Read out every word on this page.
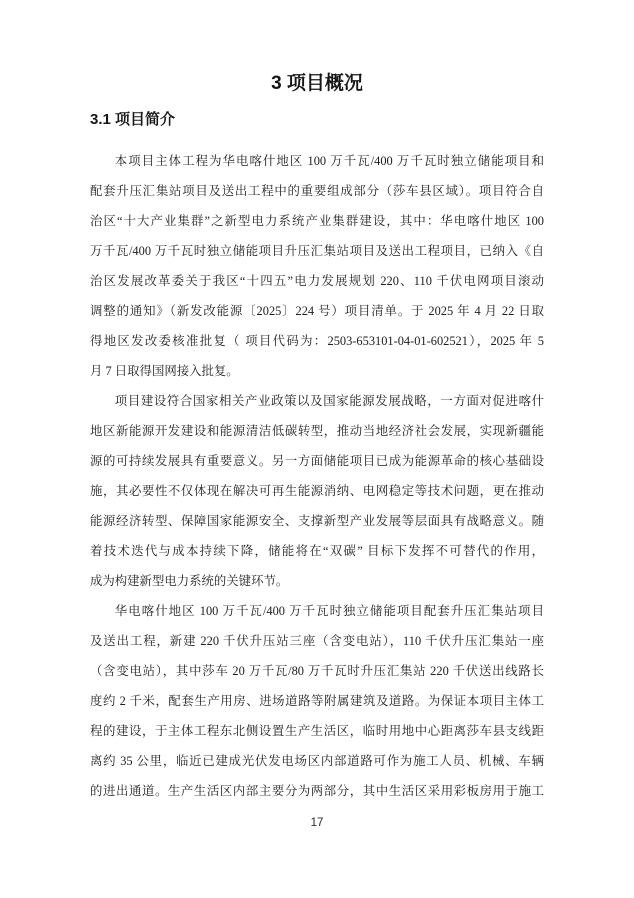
3 项目概况
3.1 项目简介
本项目主体工程为华电喀什地区 100 万千瓦/400 万千瓦时独立储能项目和
配套升压汇集站项目及送出工程中的重要组成部分（莎车县区域）。项目符合自
治区“十大产业集群”之新型电力系统产业集群建设，其中：华电喀什地区 100
万千瓦/400 万千瓦时独立储能项目升压汇集站项目及送出工程项目，已纳入《自
治区发展改革委关于我区“十四五”电力发展规划 220、110 千伏电网项目滚动
调整的通知》（新发改能源〔2025〕224 号）项目清单。于 2025 年 4 月 22 日取
得地区发改委核准批复（ 项目代码为：2503-653101-04-01-602521），2025 年 5
月 7 日取得国网接入批复。
项目建设符合国家相关产业政策以及国家能源发展战略，一方面对促进喀什
地区新能源开发建设和能源清洁低碳转型，推动当地经济社会发展，实现新疆能
源的可持续发展具有重要意义。另一方面储能项目已成为能源革命的核心基础设
施，其必要性不仅体现在解决可再生能源消纳、电网稳定等技术问题，更在推动
能源经济转型、保障国家能源安全、支撑新型产业发展等层面具有战略意义。随
着技术迭代与成本持续下降，储能将在“双碳” 目标下发挥不可替代的作用，
成为构建新型电力系统的关键环节。
华电喀什地区 100 万千瓦/400 万千瓦时独立储能项目配套升压汇集站项目
及送出工程，新建 220 千伏升压站三座（含变电站），110 千伏升压汇集站一座
（含变电站），其中莎车 20 万千瓦/80 万千瓦时升压汇集站 220 千伏送出线路长
度约 2 千米，配套生产用房、进场道路等附属建筑及道路。为保证本项目主体工
程的建设，于主体工程东北侧设置生产生活区，临时用地中心距离莎车县支线距
离约 35 公里，临近已建成光伏发电场区内部道路可作为施工人员、机械、车辆
的进出通道。生产生活区内部主要分为两部分，其中生活区采用彩板房用于施工
17
